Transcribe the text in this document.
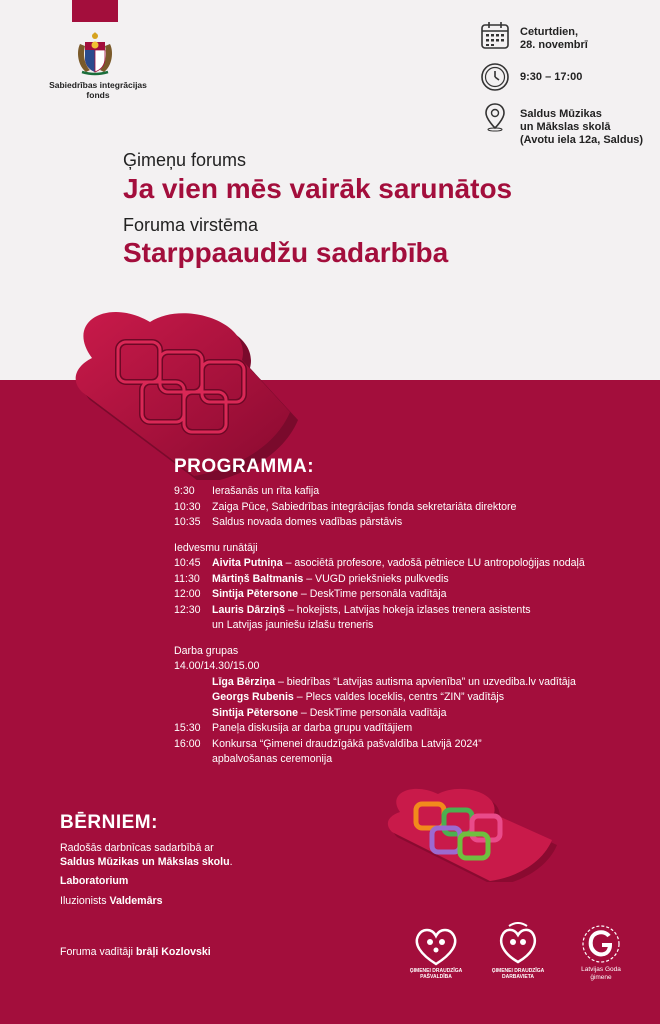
Sabiedrības integrācijas fonds
Ceturtdien,
28. novembrī
9:30 – 17:00
Saldus Mūzikas
un Mākslas skolā
(Avotu iela 12a, Saldus)
Ģimeņu forums
Ja vien mēs vairāk sarunātos
Foruma virstēma
Starppaaudžu sadarbība
PROGRAMMA:
9:30	Ierašanās un rīta kafija
10:30	Zaiga Pūce, Sabiedrības integrācijas fonda sekretariāta direktore
10:35	Saldus novada domes vadības pārstāvis
Iedvesmu runātāji
10:45	Aivita Putniņa – asociētā profesore, vadošā pētniece LU antropoloģijas nodaļā
11:30	Mārtiņš Baltmanis – VUGD priekšnieks pulkvedis
12:00	Sintija Pētersone – DeskTime personāla vadītāja
12:30	Lauris Dārziņš – hokejists, Latvijas hokeja izlases trenera asistents
un Latvijas jauniešu izlašu treneris
Darba grupas
14.00/14.30/15.00
Līga Bērziņa – biedrības “Latvijas autisma apvienība” un uzvediba.lv vadītāja
Georgs Rubenis – Plecs valdes loceklis, centrs “ZIN” vadītājs
Sintija Pētersone – DeskTime personāla vadītāja
15:30	Paneļa diskusija ar darba grupu vadītājiem
16:00	Konkursa “Ģimenei draudzīgākā pašvaldība Latvijā 2024”
apbalvošanas ceremonija
BĒRNIEM:
Radošās darbnīcas sadarbībā ar
Saldus Mūzikas un Mākslas skolu.
Laboratorium
Iluzionists Valdemārs
Foruma vadītāji brāļi Kozlovski
ĢIMENEI DRAUDZĪGA
PAŠVALDĪBA
ĢIMENEI DRAUDZĪGA
DARBAVIETA
Latvijas Goda
ģimene
